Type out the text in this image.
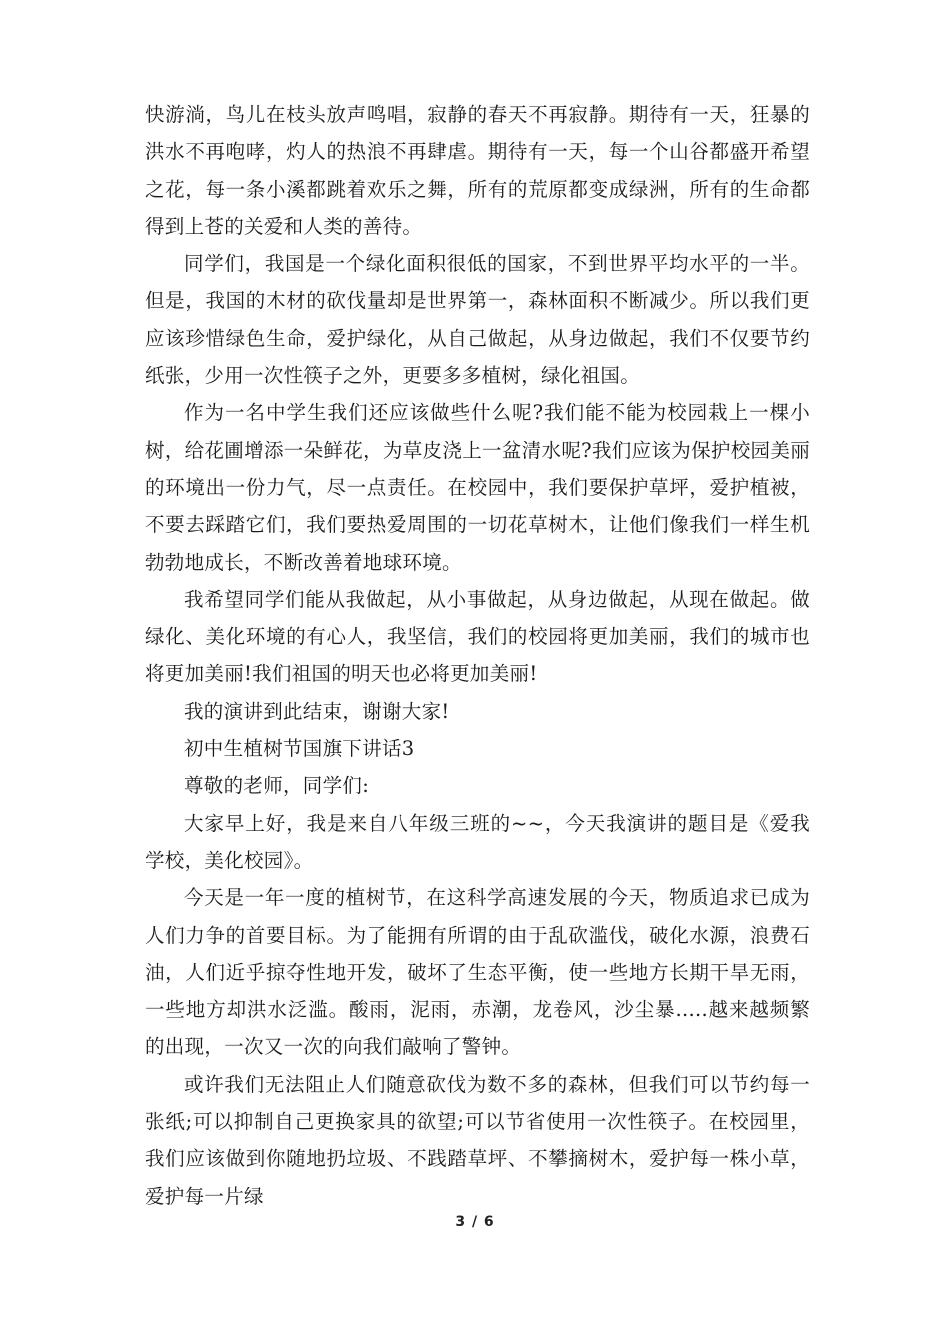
快游淌，鸟儿在枝头放声鸣唱，寂静的春天不再寂静。期待有一天，狂暴的洪水不再咆哮，灼人的热浪不再肆虐。期待有一天，每一个山谷都盛开希望之花，每一条小溪都跳着欢乐之舞，所有的荒原都变成绿洲，所有的生命都得到上苍的关爱和人类的善待。

同学们，我国是一个绿化面积很低的国家，不到世界平均水平的一半。但是，我国的木材的砍伐量却是世界第一，森林面积不断减少。所以我们更应该珍惜绿色生命，爱护绿化，从自己做起，从身边做起，我们不仅要节约纸张，少用一次性筷子之外，更要多多植树，绿化祖国。

作为一名中学生我们还应该做些什么呢?我们能不能为校园栽上一棵小树，给花圃增添一朵鲜花，为草皮浇上一盆清水呢?我们应该为保护校园美丽的环境出一份力气，尽一点责任。在校园中，我们要保护草坪，爱护植被，不要去踩踏它们，我们要热爱周围的一切花草树木，让他们像我们一样生机勃勃地成长，不断改善着地球环境。

我希望同学们能从我做起，从小事做起，从身边做起，从现在做起。做绿化、美化环境的有心人，我坚信，我们的校园将更加美丽，我们的城市也将更加美丽!我们祖国的明天也必将更加美丽!

我的演讲到此结束，谢谢大家!

初中生植树节国旗下讲话3

尊敬的老师，同学们:

大家早上好，我是来自八年级三班的~~，今天我演讲的题目是《爱我学校，美化校园》。

今天是一年一度的植树节，在这科学高速发展的今天，物质追求已成为人们力争的首要目标。为了能拥有所谓的由于乱砍滥伐，破化水源，浪费石油，人们近乎掠夺性地开发，破坏了生态平衡，使一些地方长期干旱无雨，一些地方却洪水泛滥。酸雨，泥雨，赤潮，龙卷风，沙尘暴.....越来越频繁的出现，一次又一次的向我们敲响了警钟。

或许我们无法阻止人们随意砍伐为数不多的森林，但我们可以节约每一张纸;可以抑制自己更换家具的欲望;可以节省使用一次性筷子。在校园里，我们应该做到你随地扔垃圾、不践踏草坪、不攀摘树木，爱护每一株小草，爱护每一片绿

3 / 6
